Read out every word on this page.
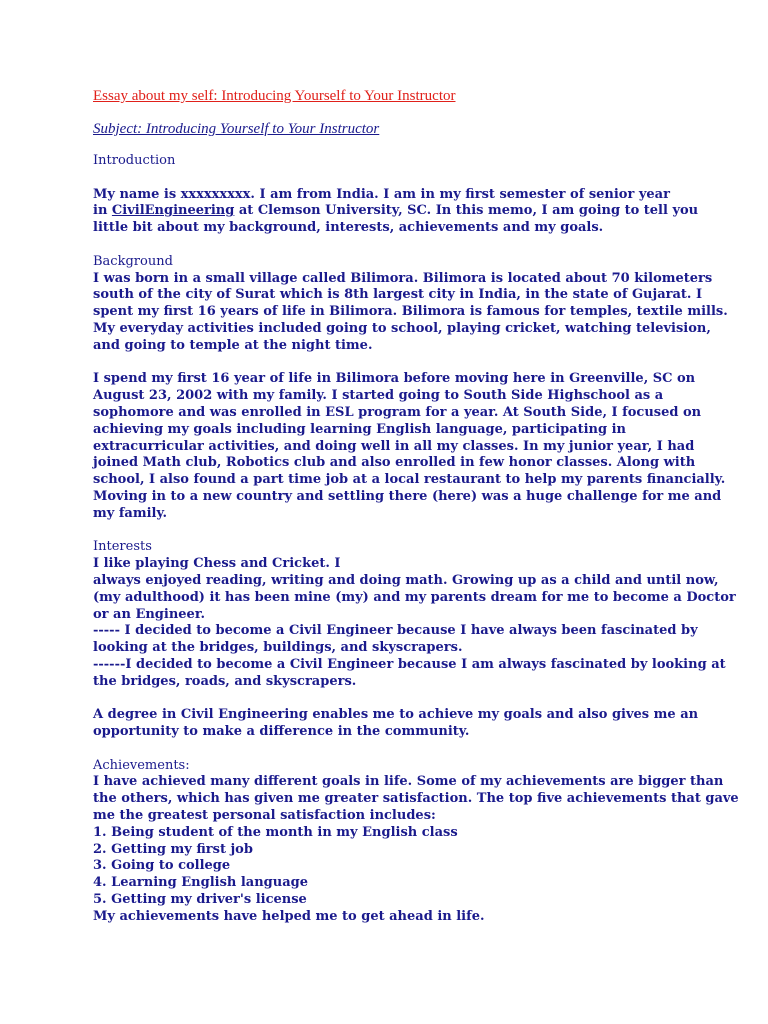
Essay about my self: Introducing Yourself to Your Instructor

Subject: Introducing Yourself to Your Instructor

Introduction

My name is xxxxxxxxx. I am from India. I am in my first semester of senior year
in CivilEngineering at Clemson University, SC. In this memo, I am going to tell you
little bit about my background, interests, achievements and my goals.

Background

I was born in a small village called Bilimora. Bilimora is located about 70 kilometers
south of the city of Surat which is 8th largest city in India, in the state of Gujarat. I
spent my first 16 years of life in Bilimora. Bilimora is famous for temples, textile mills.
My everyday activities included going to school, playing cricket, watching television,
and going to temple at the night time.

I spend my first 16 year of life in Bilimora before moving here in Greenville, SC on
August 23, 2002 with my family. I started going to South Side Highschool as a
sophomore and was enrolled in ESL program for a year. At South Side, I focused on
achieving my goals including learning English language, participating in
extracurricular activities, and doing well in all my classes. In my junior year, I had
joined Math club, Robotics club and also enrolled in few honor classes. Along with
school, I also found a part time job at a local restaurant to help my parents financially.
Moving in to a new country and settling there (here) was a huge challenge for me and
my family.

Interests

I like playing Chess and Cricket. I
always enjoyed reading, writing and doing math. Growing up as a child and until now,
(my adulthood) it has been mine (my) and my parents dream for me to become a Doctor
or an Engineer.
----- I decided to become a Civil Engineer because I have always been fascinated by
looking at the bridges, buildings, and skyscrapers.
------I decided to become a Civil Engineer because I am always fascinated by looking at
the bridges, roads, and skyscrapers.

A degree in Civil Engineering enables me to achieve my goals and also gives me an
opportunity to make a difference in the community.

Achievements:

I have achieved many different goals in life. Some of my achievements are bigger than
the others, which has given me greater satisfaction. The top five achievements that gave
me the greatest personal satisfaction includes:
1. Being student of the month in my English class
2. Getting my first job
3. Going to college
4. Learning English language
5. Getting my driver's license
My achievements have helped me to get ahead in life.
